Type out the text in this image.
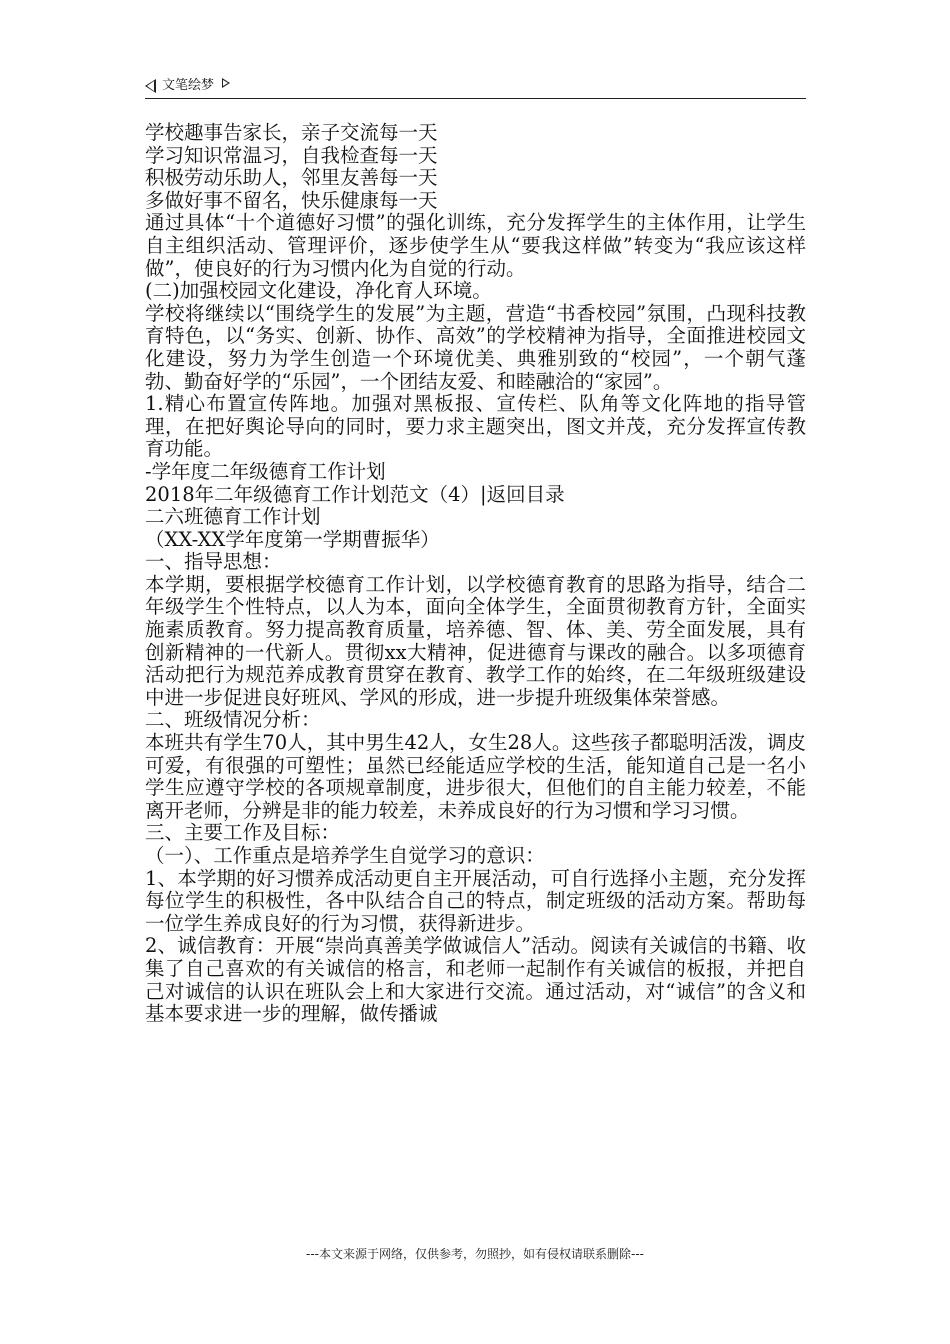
文笔绘梦

学校趣事告家长，亲子交流每一天

学习知识常温习，自我检查每一天

积极劳动乐助人，邻里友善每一天

多做好事不留名，快乐健康每一天

通过具体“十个道德好习惯”的强化训练，充分发挥学生的主体作用，让学生自主组织活动、管理评价，逐步使学生从“要我这样做”转变为“我应该这样做”，使良好的行为习惯内化为自觉的行动。

(二)加强校园文化建设，净化育人环境。

学校将继续以“围绕学生的发展”为主题，营造“书香校园”氛围，凸现科技教育特色，以“务实、创新、协作、高效”的学校精神为指导，全面推进校园文化建设，努力为学生创造一个环境优美、典雅别致的“校园”，一个朝气蓬勃、勤奋好学的“乐园”，一个团结友爱、和睦融洽的“家园”。

1.精心布置宣传阵地。加强对黑板报、宣传栏、队角等文化阵地的指导管理，在把好舆论导向的同时，要力求主题突出，图文并茂，充分发挥宣传教育功能。

-学年度二年级德育工作计划

2018年二年级德育工作计划范文（4）|返回目录

二六班德育工作计划

（XX-XX学年度第一学期曹振华）

一、指导思想：

本学期，要根据学校德育工作计划，以学校德育教育的思路为指导，结合二年级学生个性特点，以人为本，面向全体学生，全面贯彻教育方针，全面实施素质教育。努力提高教育质量，培养德、智、体、美、劳全面发展，具有创新精神的一代新人。贯彻xx大精神，促进德育与课改的融合。以多项德育活动把行为规范养成教育贯穿在教育、教学工作的始终，在二年级班级建设中进一步促进良好班风、学风的形成，进一步提升班级集体荣誉感。

二、班级情况分析：

本班共有学生70人，其中男生42人，女生28人。这些孩子都聪明活泼，调皮可爱，有很强的可塑性；虽然已经能适应学校的生活，能知道自己是一名小学生应遵守学校的各项规章制度，进步很大，但他们的自主能力较差，不能离开老师，分辨是非的能力较差，未养成良好的行为习惯和学习习惯。

三、主要工作及目标：

（一）、工作重点是培养学生自觉学习的意识：

1、本学期的好习惯养成活动更自主开展活动，可自行选择小主题，充分发挥每位学生的积极性，各中队结合自己的特点，制定班级的活动方案。帮助每一位学生养成良好的行为习惯，获得新进步。

2、诚信教育：开展“崇尚真善美学做诚信人”活动。阅读有关诚信的书籍、收集了自己喜欢的有关诚信的格言，和老师一起制作有关诚信的板报，并把自己对诚信的认识在班队会上和大家进行交流。通过活动，对“诚信”的含义和基本要求进一步的理解，做传播诚

---本文来源于网络，仅供参考，勿照抄，如有侵权请联系删除---
